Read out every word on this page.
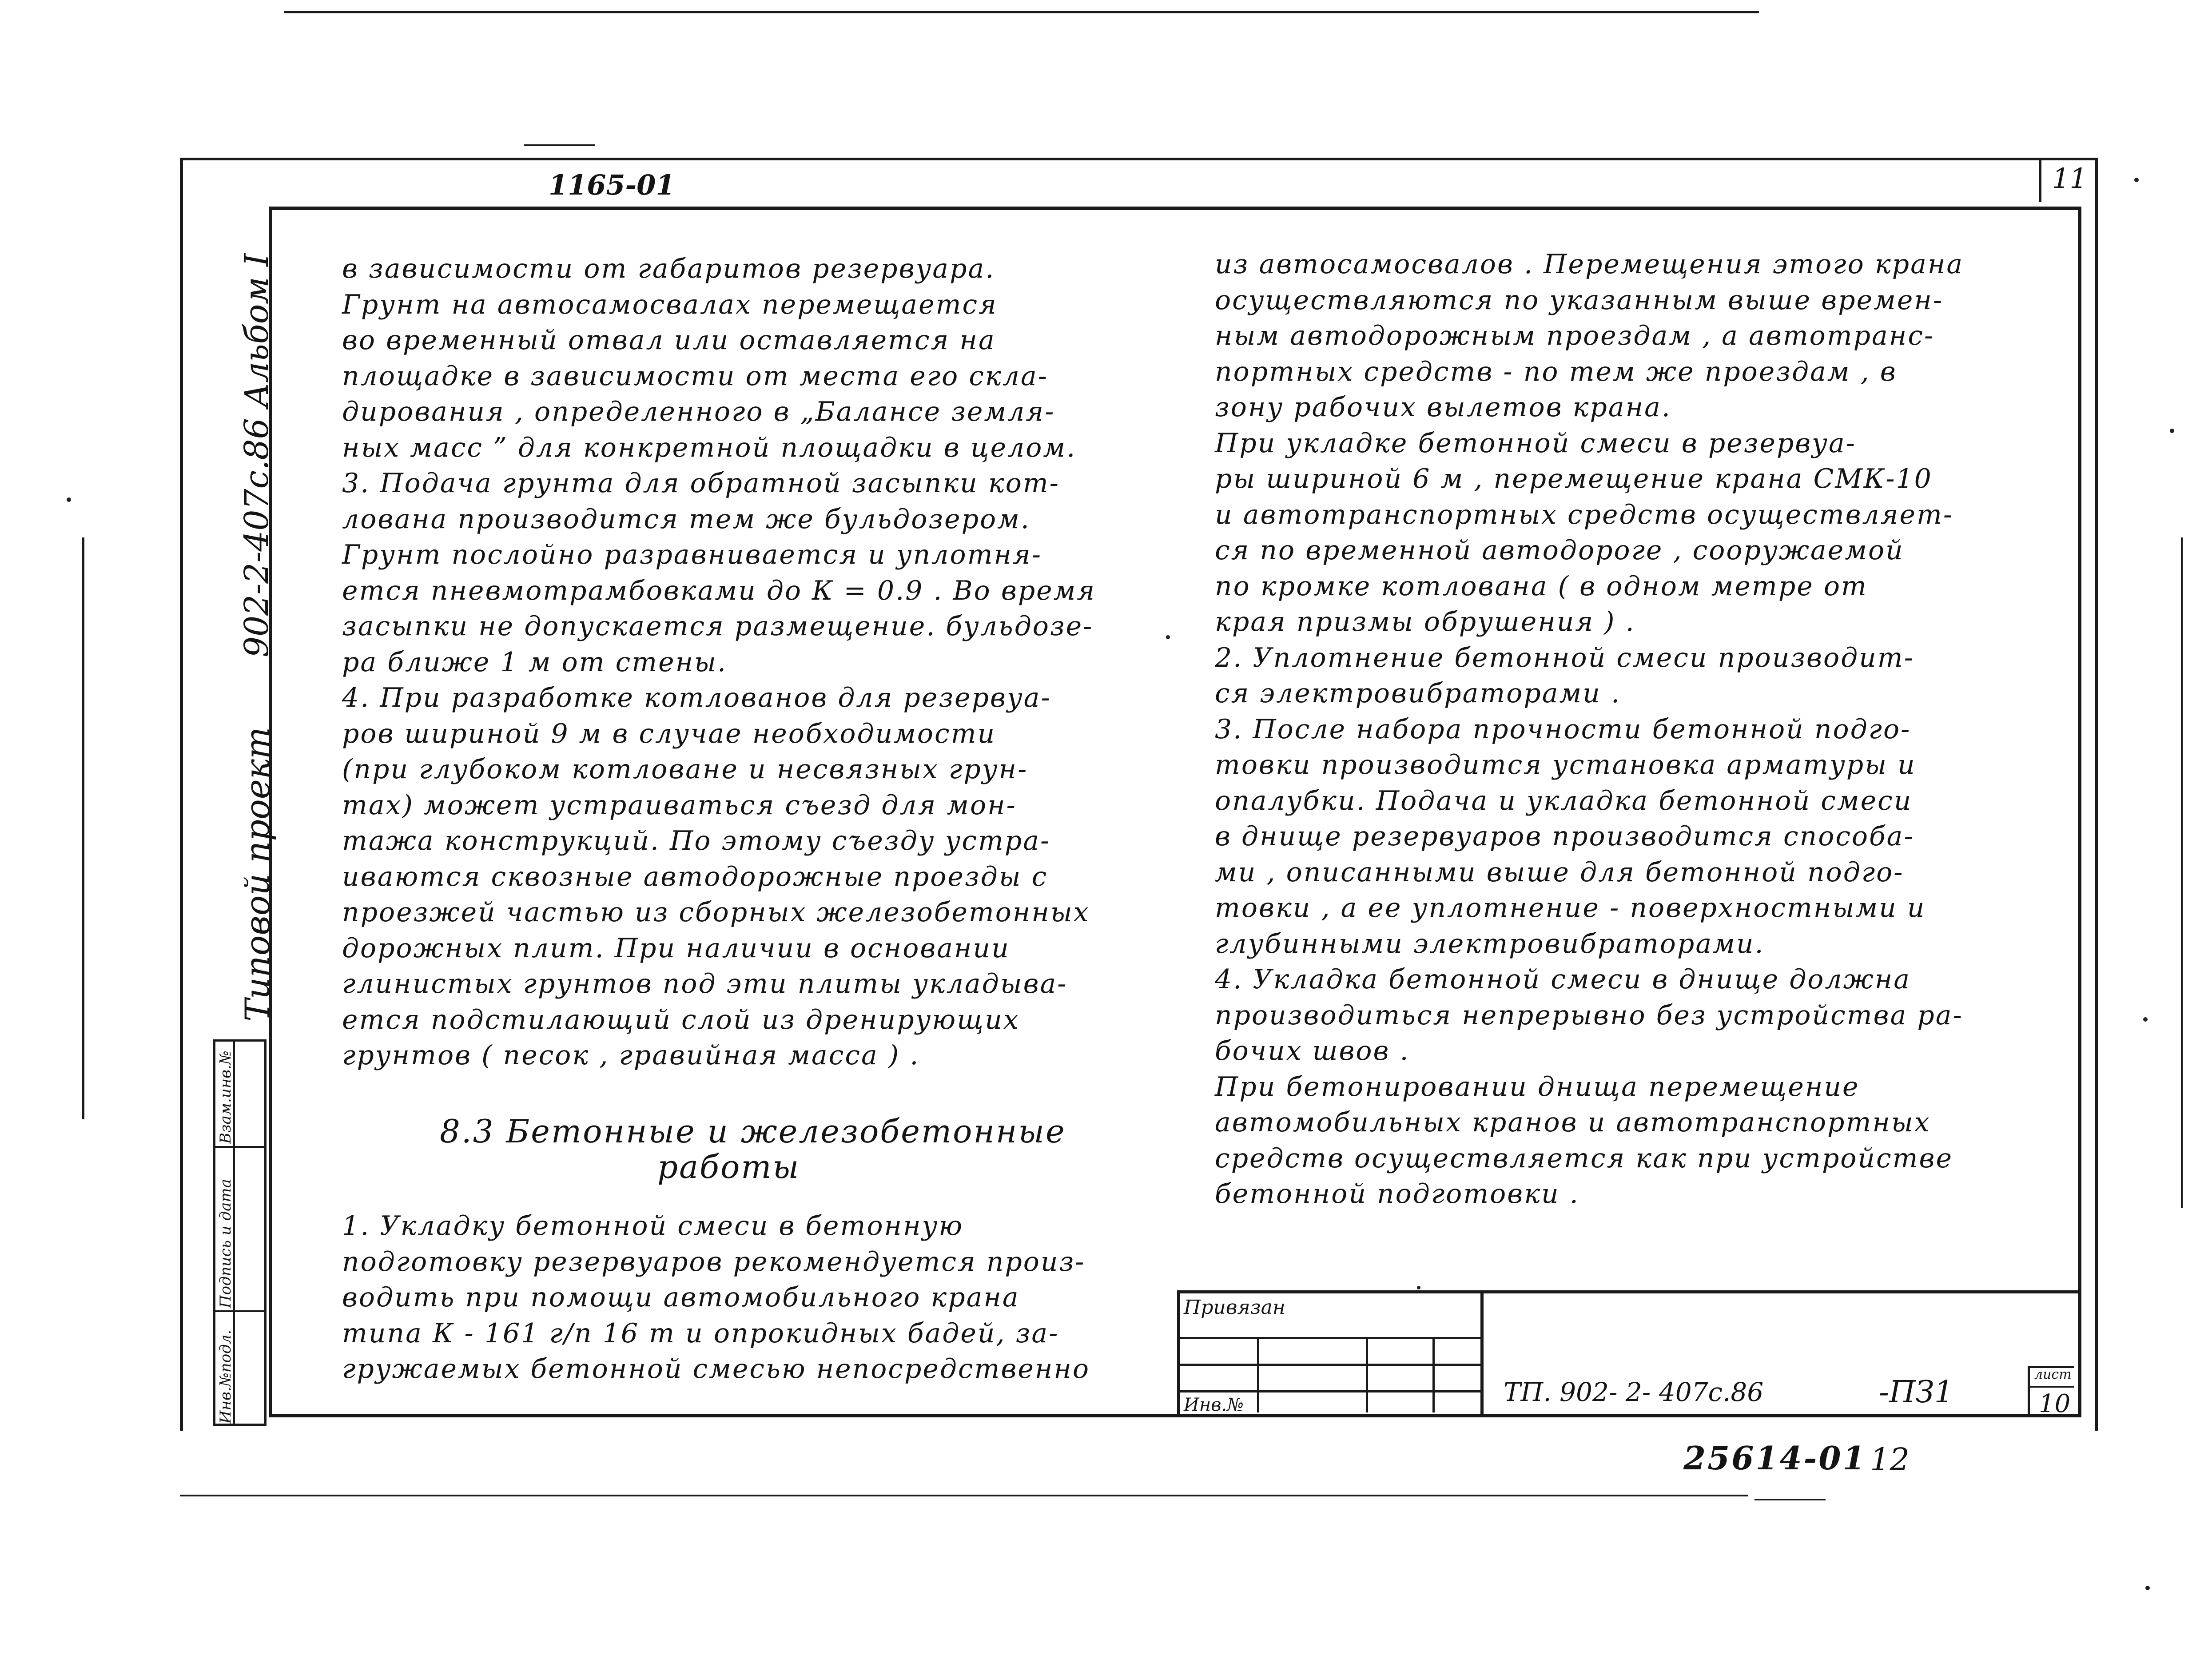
1165-01	11
902-2-407с.86 Альбом I
Типовой проект
Взам.инв.№
Подпись и дата
Инв.№подл.
в зависимости от габаритов резервуара.
Грунт на автосамосвалах перемещается
во временный отвал или оставляется на
площадке в зависимости от места его скла-
дирования , определенного в „Балансе земля-
ных масс ” для конкретной площадки в целом.
3. Подача грунта для обратной засыпки кот-
лована производится тем же бульдозером.
Грунт послойно разравнивается и уплотня-
ется пневмотрамбовками до К = 0.9 . Во время
засыпки не допускается размещение. бульдозе-
ра ближе 1 м от стены.
4. При разработке котлованов для резервуа-
ров шириной 9 м в случае необходимости
(при глубоком котловане и несвязных грун-
тах) может устраиваться съезд для мон-
тажа конструкций. По этому съезду устра-
иваются сквозные автодорожные проезды с
проезжей частью из сборных железобетонных
дорожных плит. При наличии в основании
глинистых грунтов под эти плиты укладыва-
ется подстилающий слой из дренирующих
грунтов ( песок , гравийная масса ) .
8.3 Бетонные и железобетонные
работы
1. Укладку бетонной смеси в бетонную
подготовку резервуаров рекомендуется произ-
водить при помощи автомобильного крана
типа К - 161 г/п 16 т и опрокидных бадей, за-
гружаемых бетонной смесью непосредственно
из автосамосвалов . Перемещения этого крана
осуществляются по указанным выше времен-
ным автодорожным проездам , а автотранс-
портных средств - по тем же проездам , в
зону рабочих вылетов крана.
При укладке бетонной смеси в резервуа-
ры шириной 6 м , перемещение крана СМК-10
и автотранспортных средств осуществляет-
ся по временной автодороге , сооружаемой
по кромке котлована ( в одном метре от
края призмы обрушения ) .
2. Уплотнение бетонной смеси производит-
ся электровибраторами .
3. После набора прочности бетонной подго-
товки производится установка арматуры и
опалубки. Подача и укладка бетонной смеси
в днище резервуаров производится способа-
ми , описанными выше для бетонной подго-
товки , а ее уплотнение - поверхностными и
глубинными электровибраторами.
4. Укладка бетонной смеси в днище должна
производиться непрерывно без устройства ра-
бочих швов .
При бетонировании днища перемещение
автомобильных кранов и автотранспортных
средств осуществляется как при устройстве
бетонной подготовки .
Привязан
Инв.№	ТП. 902- 2- 407с.86	-ПЗ1
лист
10
25614-01 12
